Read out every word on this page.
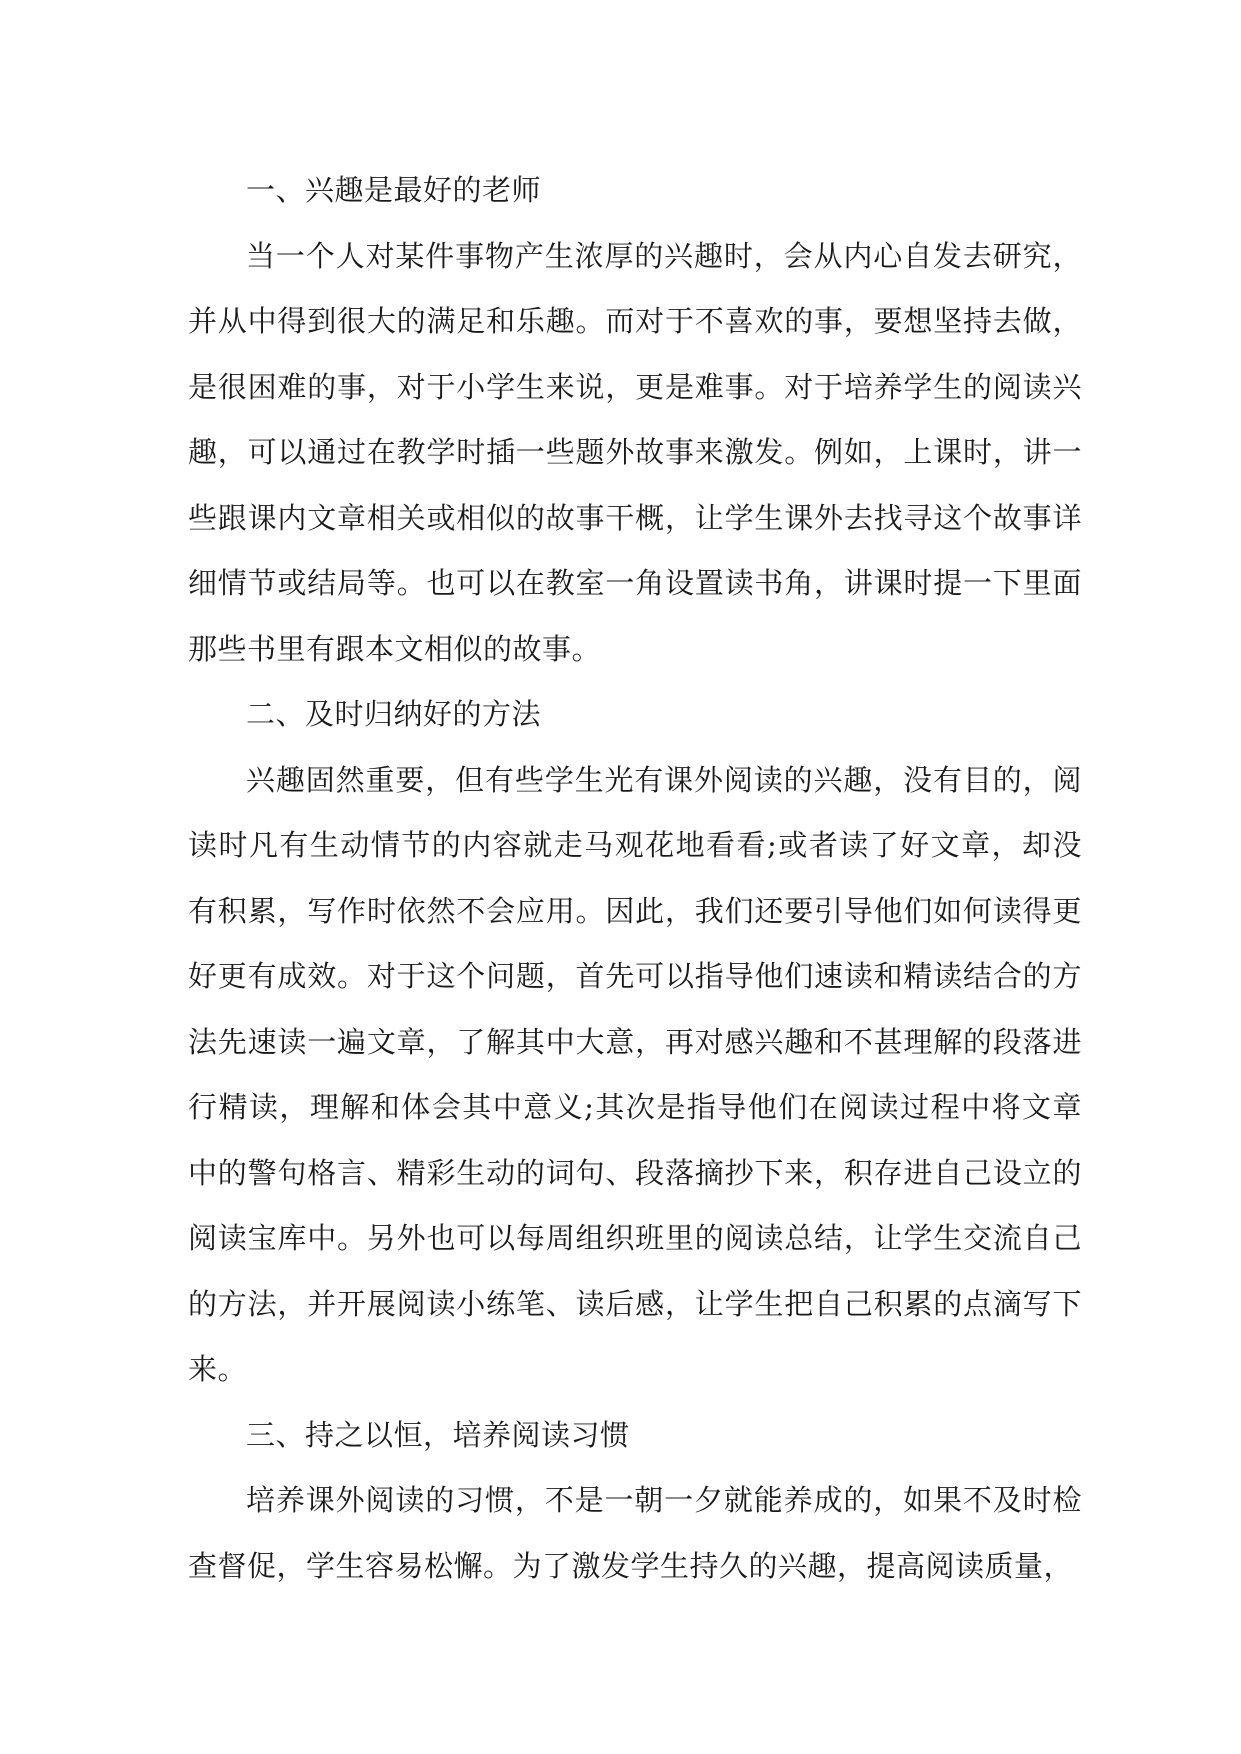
一、兴趣是最好的老师

当一个人对某件事物产生浓厚的兴趣时，会从内心自发去研究，并从中得到很大的满足和乐趣。而对于不喜欢的事，要想坚持去做，是很困难的事，对于小学生来说，更是难事。对于培养学生的阅读兴趣，可以通过在教学时插一些题外故事来激发。例如，上课时，讲一些跟课内文章相关或相似的故事干概，让学生课外去找寻这个故事详细情节或结局等。也可以在教室一角设置读书角，讲课时提一下里面那些书里有跟本文相似的故事。

二、及时归纳好的方法

兴趣固然重要，但有些学生光有课外阅读的兴趣，没有目的，阅读时凡有生动情节的内容就走马观花地看看;或者读了好文章，却没有积累，写作时依然不会应用。因此，我们还要引导他们如何读得更好更有成效。对于这个问题，首先可以指导他们速读和精读结合的方法先速读一遍文章，了解其中大意，再对感兴趣和不甚理解的段落进行精读，理解和体会其中意义;其次是指导他们在阅读过程中将文章中的警句格言、精彩生动的词句、段落摘抄下来，积存进自己设立的阅读宝库中。另外也可以每周组织班里的阅读总结，让学生交流自己的方法，并开展阅读小练笔、读后感，让学生把自己积累的点滴写下来。

三、持之以恒，培养阅读习惯

培养课外阅读的习惯，不是一朝一夕就能养成的，如果不及时检查督促，学生容易松懈。为了激发学生持久的兴趣，提高阅读质量，
